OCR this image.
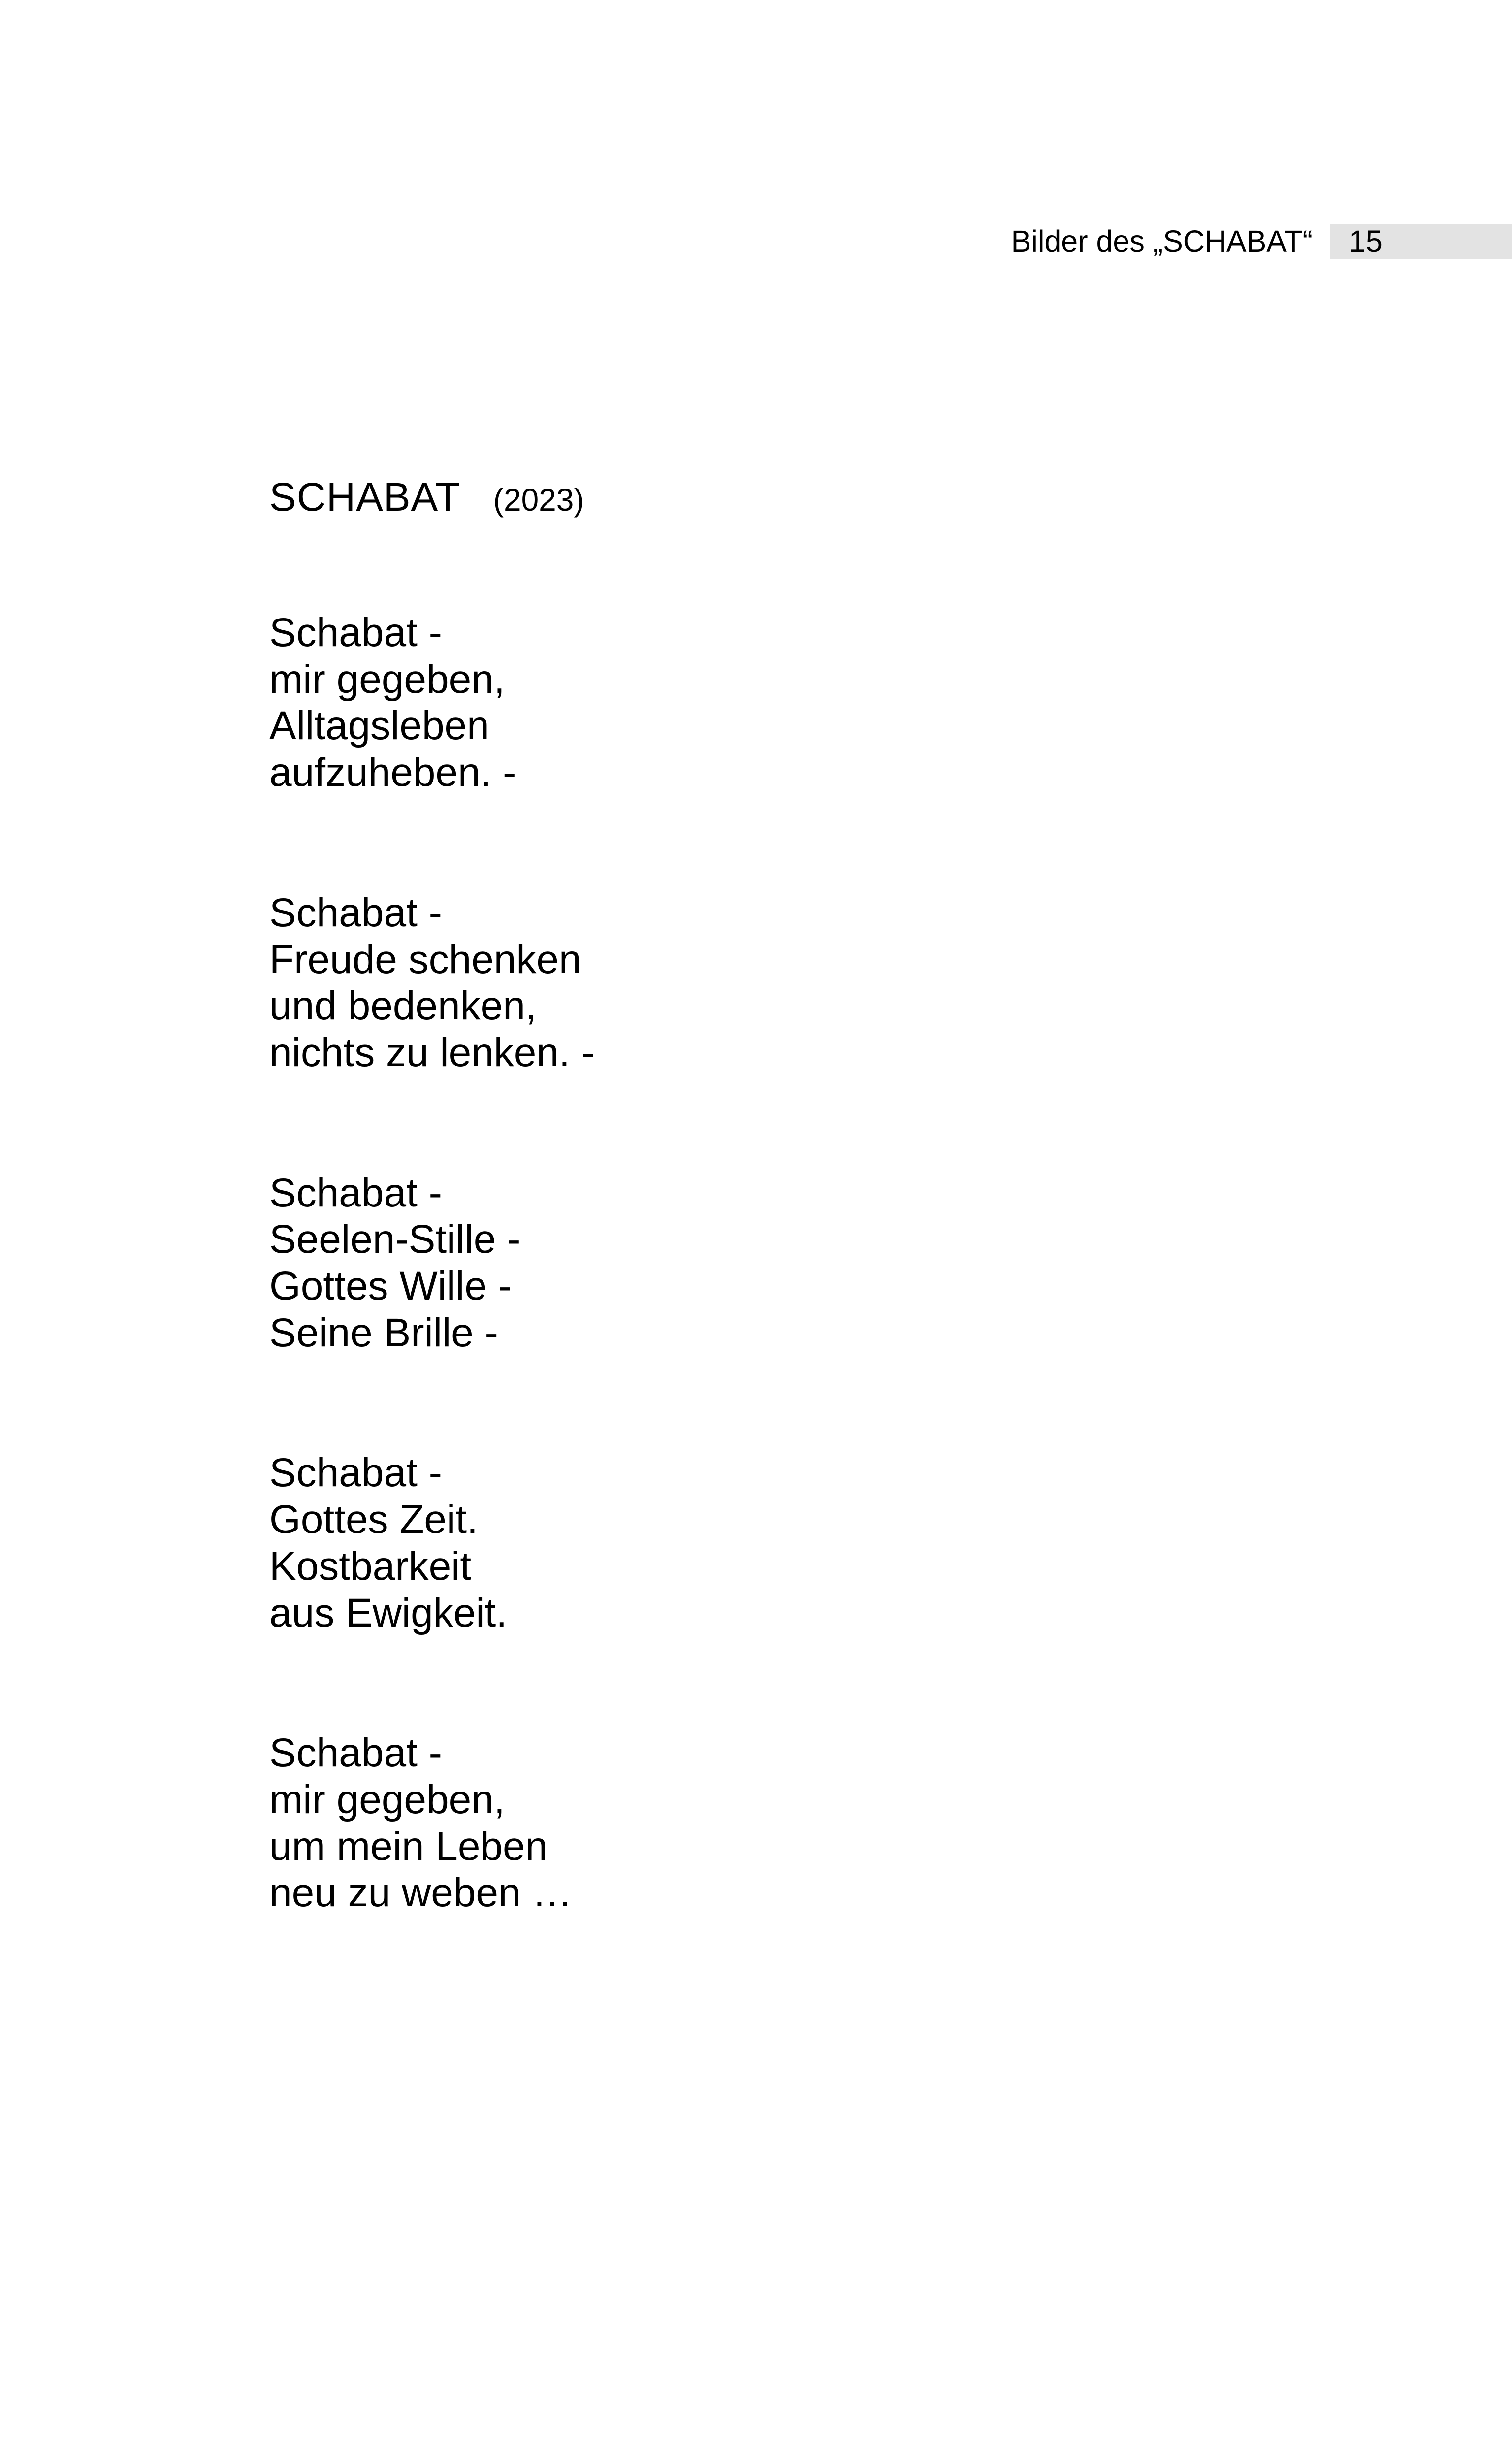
Bilder des „SCHABAT“ 15
SCHABAT (2023)
Schabat -
mir gegeben,
Alltagsleben
aufzuheben. -
Schabat -
Freude schenken
und bedenken,
nichts zu lenken. -
Schabat -
Seelen-Stille -
Gottes Wille -
Seine Brille -
Schabat -
Gottes Zeit.
Kostbarkeit
aus Ewigkeit.
Schabat -
mir gegeben,
um mein Leben
neu zu weben …
